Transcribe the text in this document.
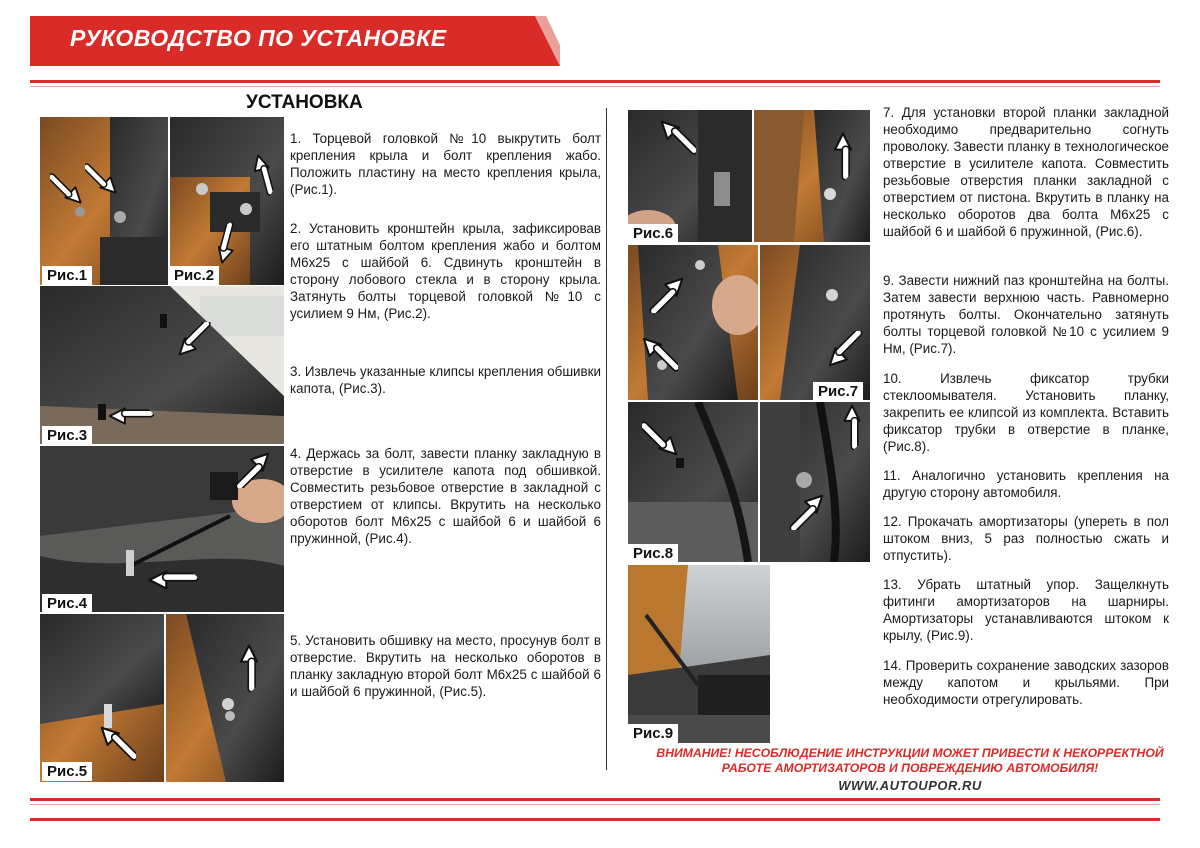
РУКОВОДСТВО ПО УСТАНОВКЕ
УСТАНОВКА
Рис.1	Рис.2
Рис.3
Рис.4
Рис.5
1. Торцевой головкой №10 выкрутить болт крепления крыла и болт крепления жабо. Положить пластину на место крепления крыла, (Рис.1).
2. Установить кронштейн крыла, зафиксировав его штатным болтом крепления жабо и болтом М6х25 с шайбой 6. Сдвинуть кронштейн в сторону лобового стекла и в сторону крыла. Затянуть болты торцевой головкой №10 с усилием 9 Нм, (Рис.2).
3. Извлечь указанные клипсы крепления обшивки капота, (Рис.3).
4. Держась за болт, завести планку закладную в отверстие в усилителе капота под обшивкой. Совместить резьбовое отверстие в закладной с отверстием от клипсы. Вкрутить на несколько оборотов болт М6х25 с шайбой 6 и шайбой 6 пружинной, (Рис.4).
5. Установить обшивку на место, просунув болт в отверстие. Вкрутить на несколько оборотов в планку закладную второй болт М6х25 с шайбой 6 и шайбой 6 пружинной, (Рис.5).
Рис.6
Рис.7
Рис.8
Рис.9
7. Для установки второй планки закладной необходимо предварительно согнуть проволоку. Завести планку в технологическое отверстие в усилителе капота. Совместить резьбовые отверстия планки закладной с отверстием от пистона. Вкрутить в планку на несколько оборотов два болта М6х25 с шайбой 6 и шайбой 6 пружинной, (Рис.6).
9. Завести нижний паз кронштейна на болты. Затем завести верхнюю часть. Равномерно протянуть болты. Окончательно затянуть болты торцевой головкой №10 с усилием 9 Нм, (Рис.7).
10. Извлечь фиксатор трубки стеклоомывателя. Установить планку, закрепить ее клипсой из комплекта. Вставить фиксатор трубки в отверстие в планке, (Рис.8).
11. Аналогично установить крепления на другую сторону автомобиля.
12. Прокачать амортизаторы (упереть в пол штоком вниз, 5 раз полностью сжать и отпустить).
13. Убрать штатный упор. Защелкнуть фитинги амортизаторов на шарниры. Амортизаторы устанавливаются штоком к крылу, (Рис.9).
14. Проверить сохранение заводских зазоров между капотом и крыльями. При необходимости отрегулировать.
ВНИМАНИЕ! НЕСОБЛЮДЕНИЕ ИНСТРУКЦИИ МОЖЕТ ПРИВЕСТИ К НЕКОРРЕКТНОЙ
РАБОТЕ АМОРТИЗАТОРОВ И ПОВРЕЖДЕНИЮ АВТОМОБИЛЯ!
WWW.AUTOUPOR.RU
